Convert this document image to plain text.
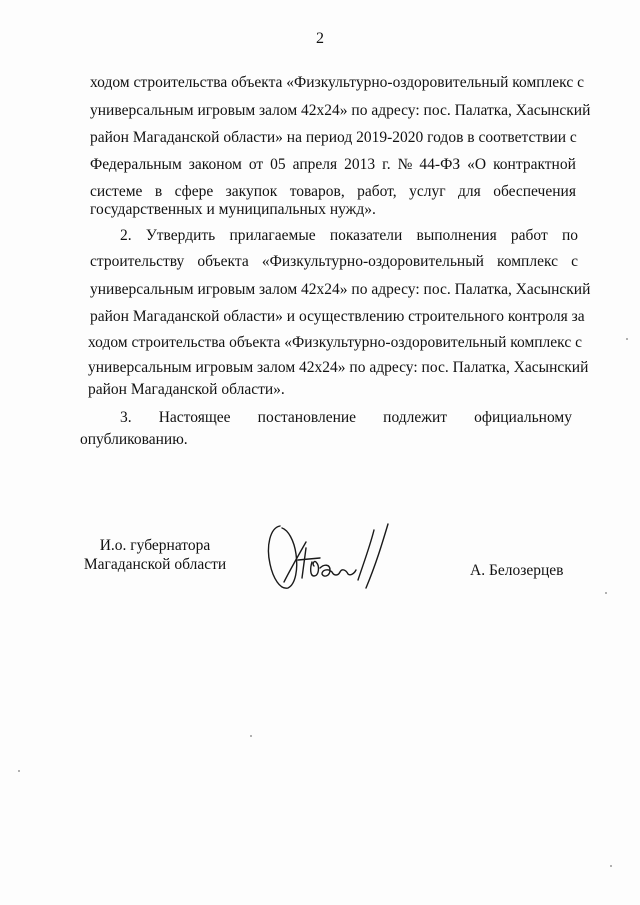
2
ходом строительства объекта «Физкультурно-оздоровительный комплекс с
универсальным игровым залом 42х24» по адресу: пос. Палатка, Хасынский
район Магаданской области» на период 2019-2020 годов в соответствии с
Федеральным законом от 05 апреля 2013 г. № 44-ФЗ «О контрактной
системе в сфере закупок товаров, работ, услуг для обеспечения
государственных и муниципальных нужд».
2. Утвердить прилагаемые показатели выполнения работ по
строительству объекта «Физкультурно-оздоровительный комплекс с
универсальным игровым залом 42х24» по адресу: пос. Палатка, Хасынский
район Магаданской области» и осуществлению строительного контроля за
ходом строительства объекта «Физкультурно-оздоровительный комплекс с
универсальным игровым залом 42х24» по адресу: пос. Палатка, Хасынский
район Магаданской области».
3. Настоящее постановление подлежит официальному
опубликованию.
И.о. губернатора
Магаданской области	А. Белозерцев
